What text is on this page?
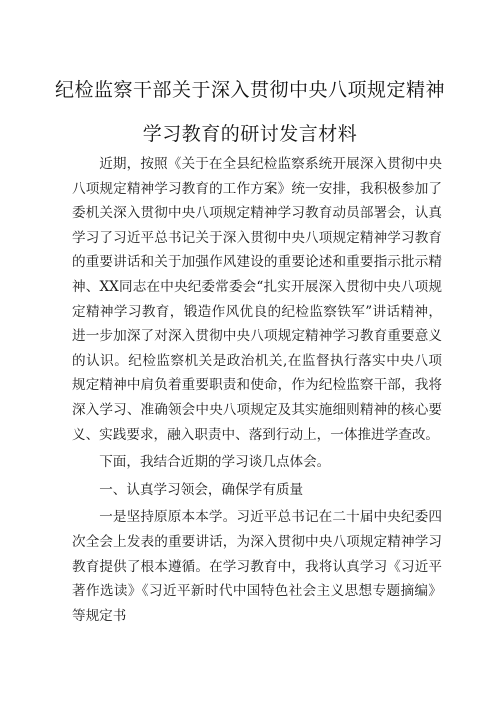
纪检监察干部关于深入贯彻中央八项规定精神
学习教育的研讨发言材料

近期，按照《关于在全县纪检监察系统开展深入贯彻中央八项规定精神学习教育的工作方案》统一安排，我积极参加了委机关深入贯彻中央八项规定精神学习教育动员部署会，认真学习了习近平总书记关于深入贯彻中央八项规定精神学习教育的重要讲话和关于加强作风建设的重要论述和重要指示批示精神、XX同志在中央纪委常委会“扎实开展深入贯彻中央八项规定精神学习教育，锻造作风优良的纪检监察铁军”讲话精神，进一步加深了对深入贯彻中央八项规定精神学习教育重要意义的认识。纪检监察机关是政治机关,在监督执行落实中央八项规定精神中肩负着重要职责和使命，作为纪检监察干部，我将深入学习、准确领会中央八项规定及其实施细则精神的核心要义、实践要求，融入职责中、落到行动上，一体推进学查改。

下面，我结合近期的学习谈几点体会。

一、认真学习领会，确保学有质量

一是坚持原原本本学。习近平总书记在二十届中央纪委四次全会上发表的重要讲话，为深入贯彻中央八项规定精神学习教育提供了根本遵循。在学习教育中，我将认真学习《习近平著作选读》《习近平新时代中国特色社会主义思想专题摘编》等规定书
